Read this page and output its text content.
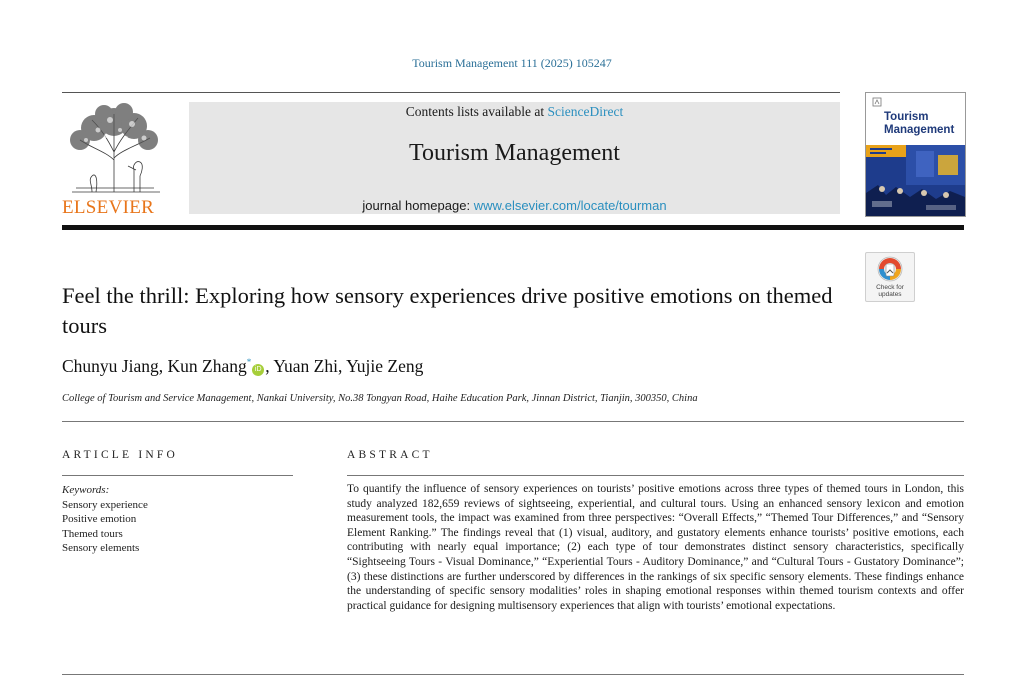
Tourism Management 111 (2025) 105247
ELSEVIER
Contents lists available at ScienceDirect
Tourism Management
journal homepage: www.elsevier.com/locate/tourman
Tourism
Management
Check for
updates
Feel the thrill: Exploring how sensory experiences drive positive emotions on themed tours
Chunyu Jiang, Kun Zhang*iD , Yuan Zhi, Yujie Zeng
College of Tourism and Service Management, Nankai University, No.38 Tongyan Road, Haihe Education Park, Jinnan District, Tianjin, 300350, China
ARTICLE INFO
Keywords:
Sensory experience
Positive emotion
Themed tours
Sensory elements
ABSTRACT

To quantify the influence of sensory experiences on tourists’ positive emotions across three types of themed tours in London, this study analyzed 182,659 reviews of sightseeing, experiential, and cultural tours. Using an enhanced sensory lexicon and emotion measurement tools, the impact was examined from three perspectives: “Overall Effects,” “Themed Tour Differences,” and “Sensory Element Ranking.” The findings reveal that (1) visual, auditory, and gustatory elements enhance tourists’ positive emotions, each contributing with nearly equal importance; (2) each type of tour demonstrates distinct sensory characteristics, specifically “Sightseeing Tours - Visual Dominance,” “Experiential Tours - Auditory Dominance,” and “Cultural Tours - Gustatory Dominance”; (3) these distinctions are further underscored by differences in the rankings of six specific sensory elements. These findings enhance the understanding of specific sensory modalities’ roles in shaping emotional responses within themed tourism contexts and offer practical guidance for designing multisensory experiences that align with tourists’ emotional expectations.
